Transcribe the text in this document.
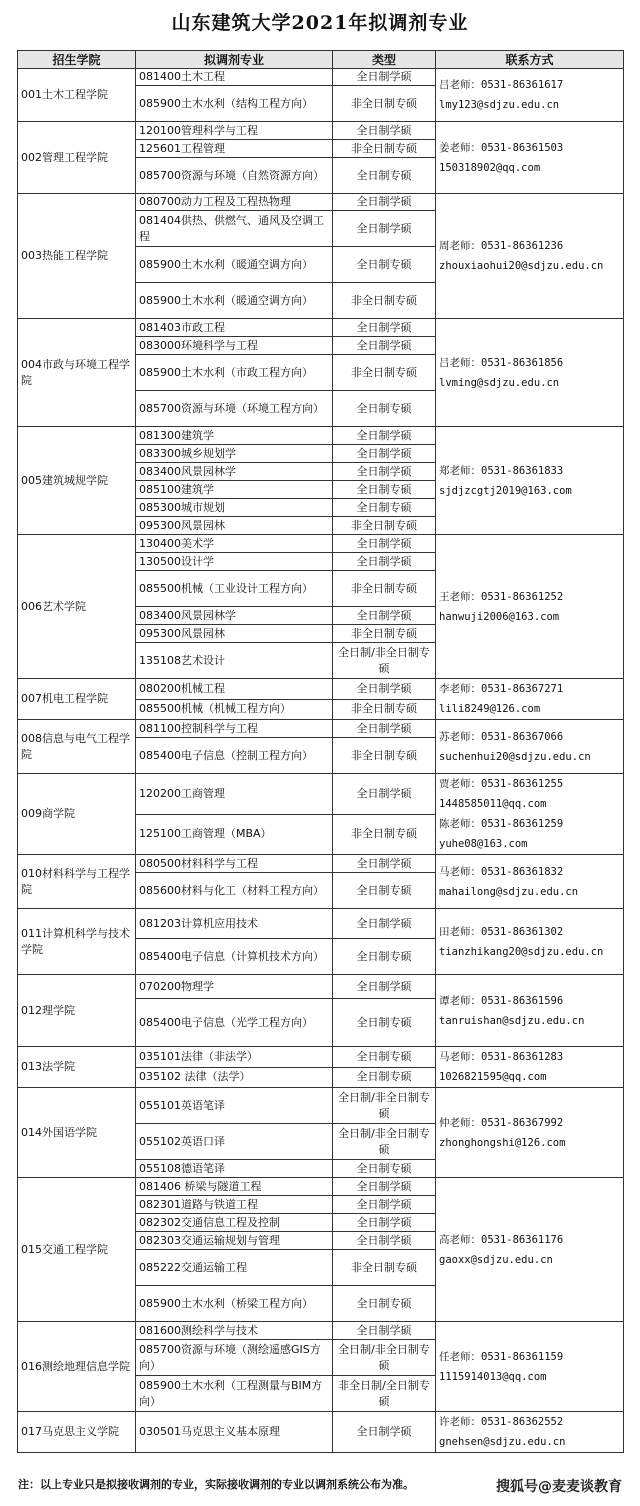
山东建筑大学2021年拟调剂专业
招生学院	拟调剂专业	类型	联系方式
001土木工程学院	081400土木工程	全日制学硕	吕老师：0531-86361617
lmy123@sdjzu.edu.cn

	085900土木水利（结构工程方向）	非全日制专硕	
002管理工程学院	120100管理科学与工程	全日制学硕	姜老师：0531-86361503
150318902@qq.com

	125601工程管理	非全日制专硕	
	085700资源与环境（自然资源方向）	全日制专硕	
003热能工程学院	080700动力工程及工程热物理	全日制学硕	周老师：0531-86361236
zhouxiaohui20@sdjzu.edu.cn

	081404供热、供燃气、通风及空调工程	全日制学硕	
	085900土木水利（暖通空调方向）	全日制专硕	
	085900土木水利（暖通空调方向）	非全日制专硕	
004市政与环境工程学院	081403市政工程	全日制学硕	吕老师：0531-86361856
lvming@sdjzu.edu.cn

	083000环境科学与工程	全日制学硕	
	085900土木水利（市政工程方向）	非全日制专硕	
	085700资源与环境（环境工程方向）	全日制专硕	
005建筑城规学院	081300建筑学	全日制学硕	郑老师：0531-86361833
sjdjzcgtj2019@163.com

	083300城乡规划学	全日制学硕	
	083400风景园林学	全日制学硕	
	085100建筑学	全日制专硕	
	085300城市规划	全日制专硕	
	095300风景园林	非全日制专硕	
006艺术学院	130400美术学	全日制学硕	王老师：0531-86361252
hanwuji2006@163.com

	130500设计学	全日制学硕	
	085500机械（工业设计工程方向）	非全日制专硕	
	083400风景园林学	全日制学硕	
	095300风景园林	非全日制专硕	
	135108艺术设计	全日制/非全日制专硕	
007机电工程学院	080200机械工程	全日制学硕	李老师：0531-86367271
lili8249@126.com

	085500机械（机械工程方向）	非全日制专硕	
008信息与电气工程学院	081100控制科学与工程	全日制学硕	苏老师：0531-86367066
suchenhui20@sdjzu.edu.cn

	085400电子信息（控制工程方向）	非全日制专硕	
009商学院	120200工商管理	全日制学硕	贾老师：0531-86361255
1448585011@qq.com
陈老师：0531-86361259
yuhe08@163.com

	125100工商管理（MBA）	非全日制专硕	
010材料科学与工程学院	080500材料科学与工程	全日制学硕	马老师：0531-86361832
mahailong@sdjzu.edu.cn

	085600材料与化工（材料工程方向）	全日制专硕	
011计算机科学与技术学院	081203计算机应用技术	全日制学硕	田老师：0531-86361302
tianzhikang20@sdjzu.edu.cn

	085400电子信息（计算机技术方向）	全日制专硕	
012理学院	070200物理学	全日制学硕	谭老师：0531-86361596
tanruishan@sdjzu.edu.cn

	085400电子信息（光学工程方向）	全日制专硕	
013法学院	035101法律（非法学）	全日制专硕	马老师：0531-86361283
1026821595@qq.com

	035102 法律（法学）	全日制专硕	
014外国语学院	055101英语笔译	全日制/非全日制专硕	仲老师：0531-86367992
zhonghongshi@126.com

	055102英语口译	全日制/非全日制专硕	
	055108德语笔译	全日制专硕	
015交通工程学院	081406 桥梁与隧道工程	全日制学硕	高老师：0531-86361176
gaoxx@sdjzu.edu.cn

	082301道路与铁道工程	全日制学硕	
	082302交通信息工程及控制	全日制学硕	
	082303交通运输规划与管理	全日制学硕	
	085222交通运输工程	非全日制专硕	
	085900土木水利（桥梁工程方向）	全日制专硕	
016测绘地理信息学院	081600测绘科学与技术	全日制学硕	任老师：0531-86361159
1115914013@qq.com

	085700资源与环境（测绘遥感GIS方向）	全日制/非全日制专硕	
	085900土木水利（工程测量与BIM方向）	非全日制/全日制专硕	
017马克思主义学院	030501马克思主义基本原理	全日制学硕	许老师：0531-86362552
gnehsen@sdjzu.edu.cn
注：以上专业只是拟接收调剂的专业，实际接收调剂的专业以调剂系统公布为准。	搜狐号@麦麦谈教育
